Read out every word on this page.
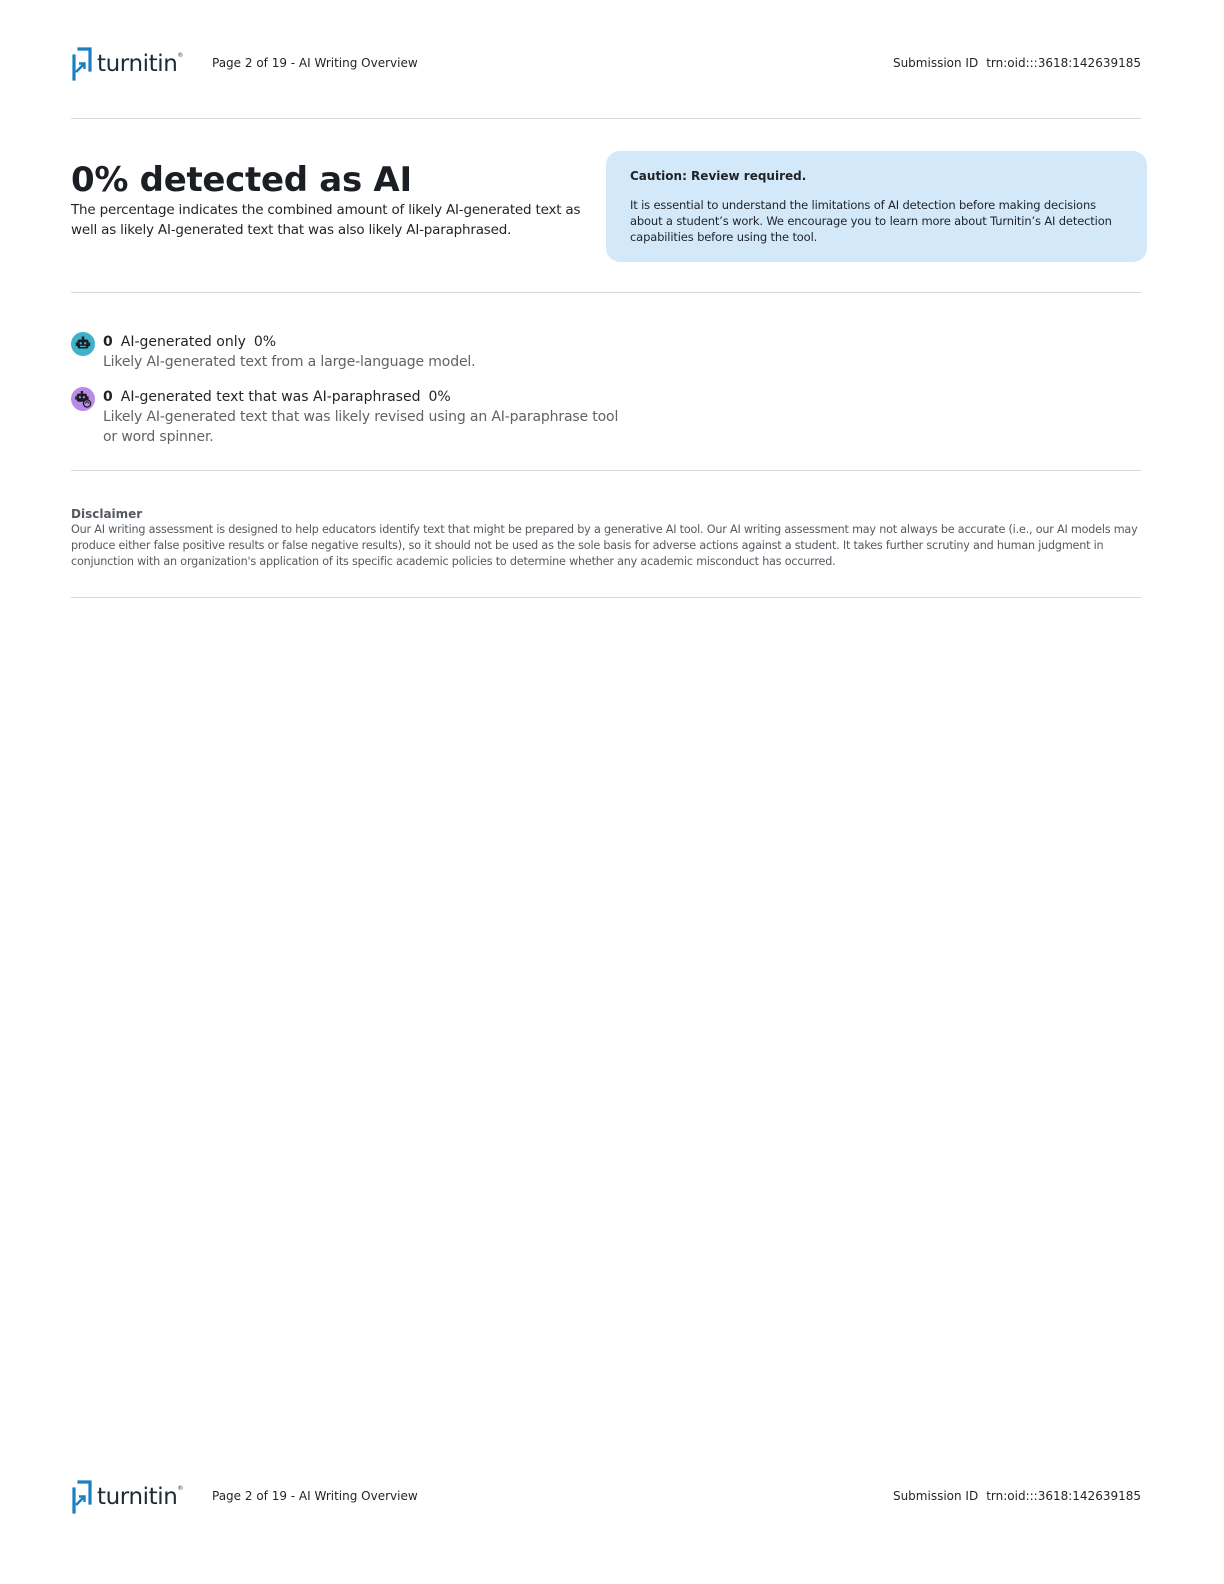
turnitin ®
Page 2 of 19 - AI Writing Overview	Submission ID trn:oid:::3618:142639185
0% detected as AI
The percentage indicates the combined amount of likely AI-generated text as well as likely AI-generated text that was also likely AI-paraphrased.
Caution: Review required.
It is essential to understand the limitations of AI detection before making decisions about a student’s work. We encourage you to learn more about Turnitin’s AI detection capabilities before using the tool.
0 AI-generated only 0%
Likely AI-generated text from a large-language model.
0 AI-generated text that was AI-paraphrased 0%
Likely AI-generated text that was likely revised using an AI-paraphrase tool or word spinner.
Disclaimer
Our AI writing assessment is designed to help educators identify text that might be prepared by a generative AI tool. Our AI writing assessment may not always be accurate (i.e., our AI models may produce either false positive results or false negative results), so it should not be used as the sole basis for adverse actions against a student. It takes further scrutiny and human judgment in conjunction with an organization's application of its specific academic policies to determine whether any academic misconduct has occurred.
turnitin ®
Page 2 of 19 - AI Writing Overview	Submission ID trn:oid:::3618:142639185
